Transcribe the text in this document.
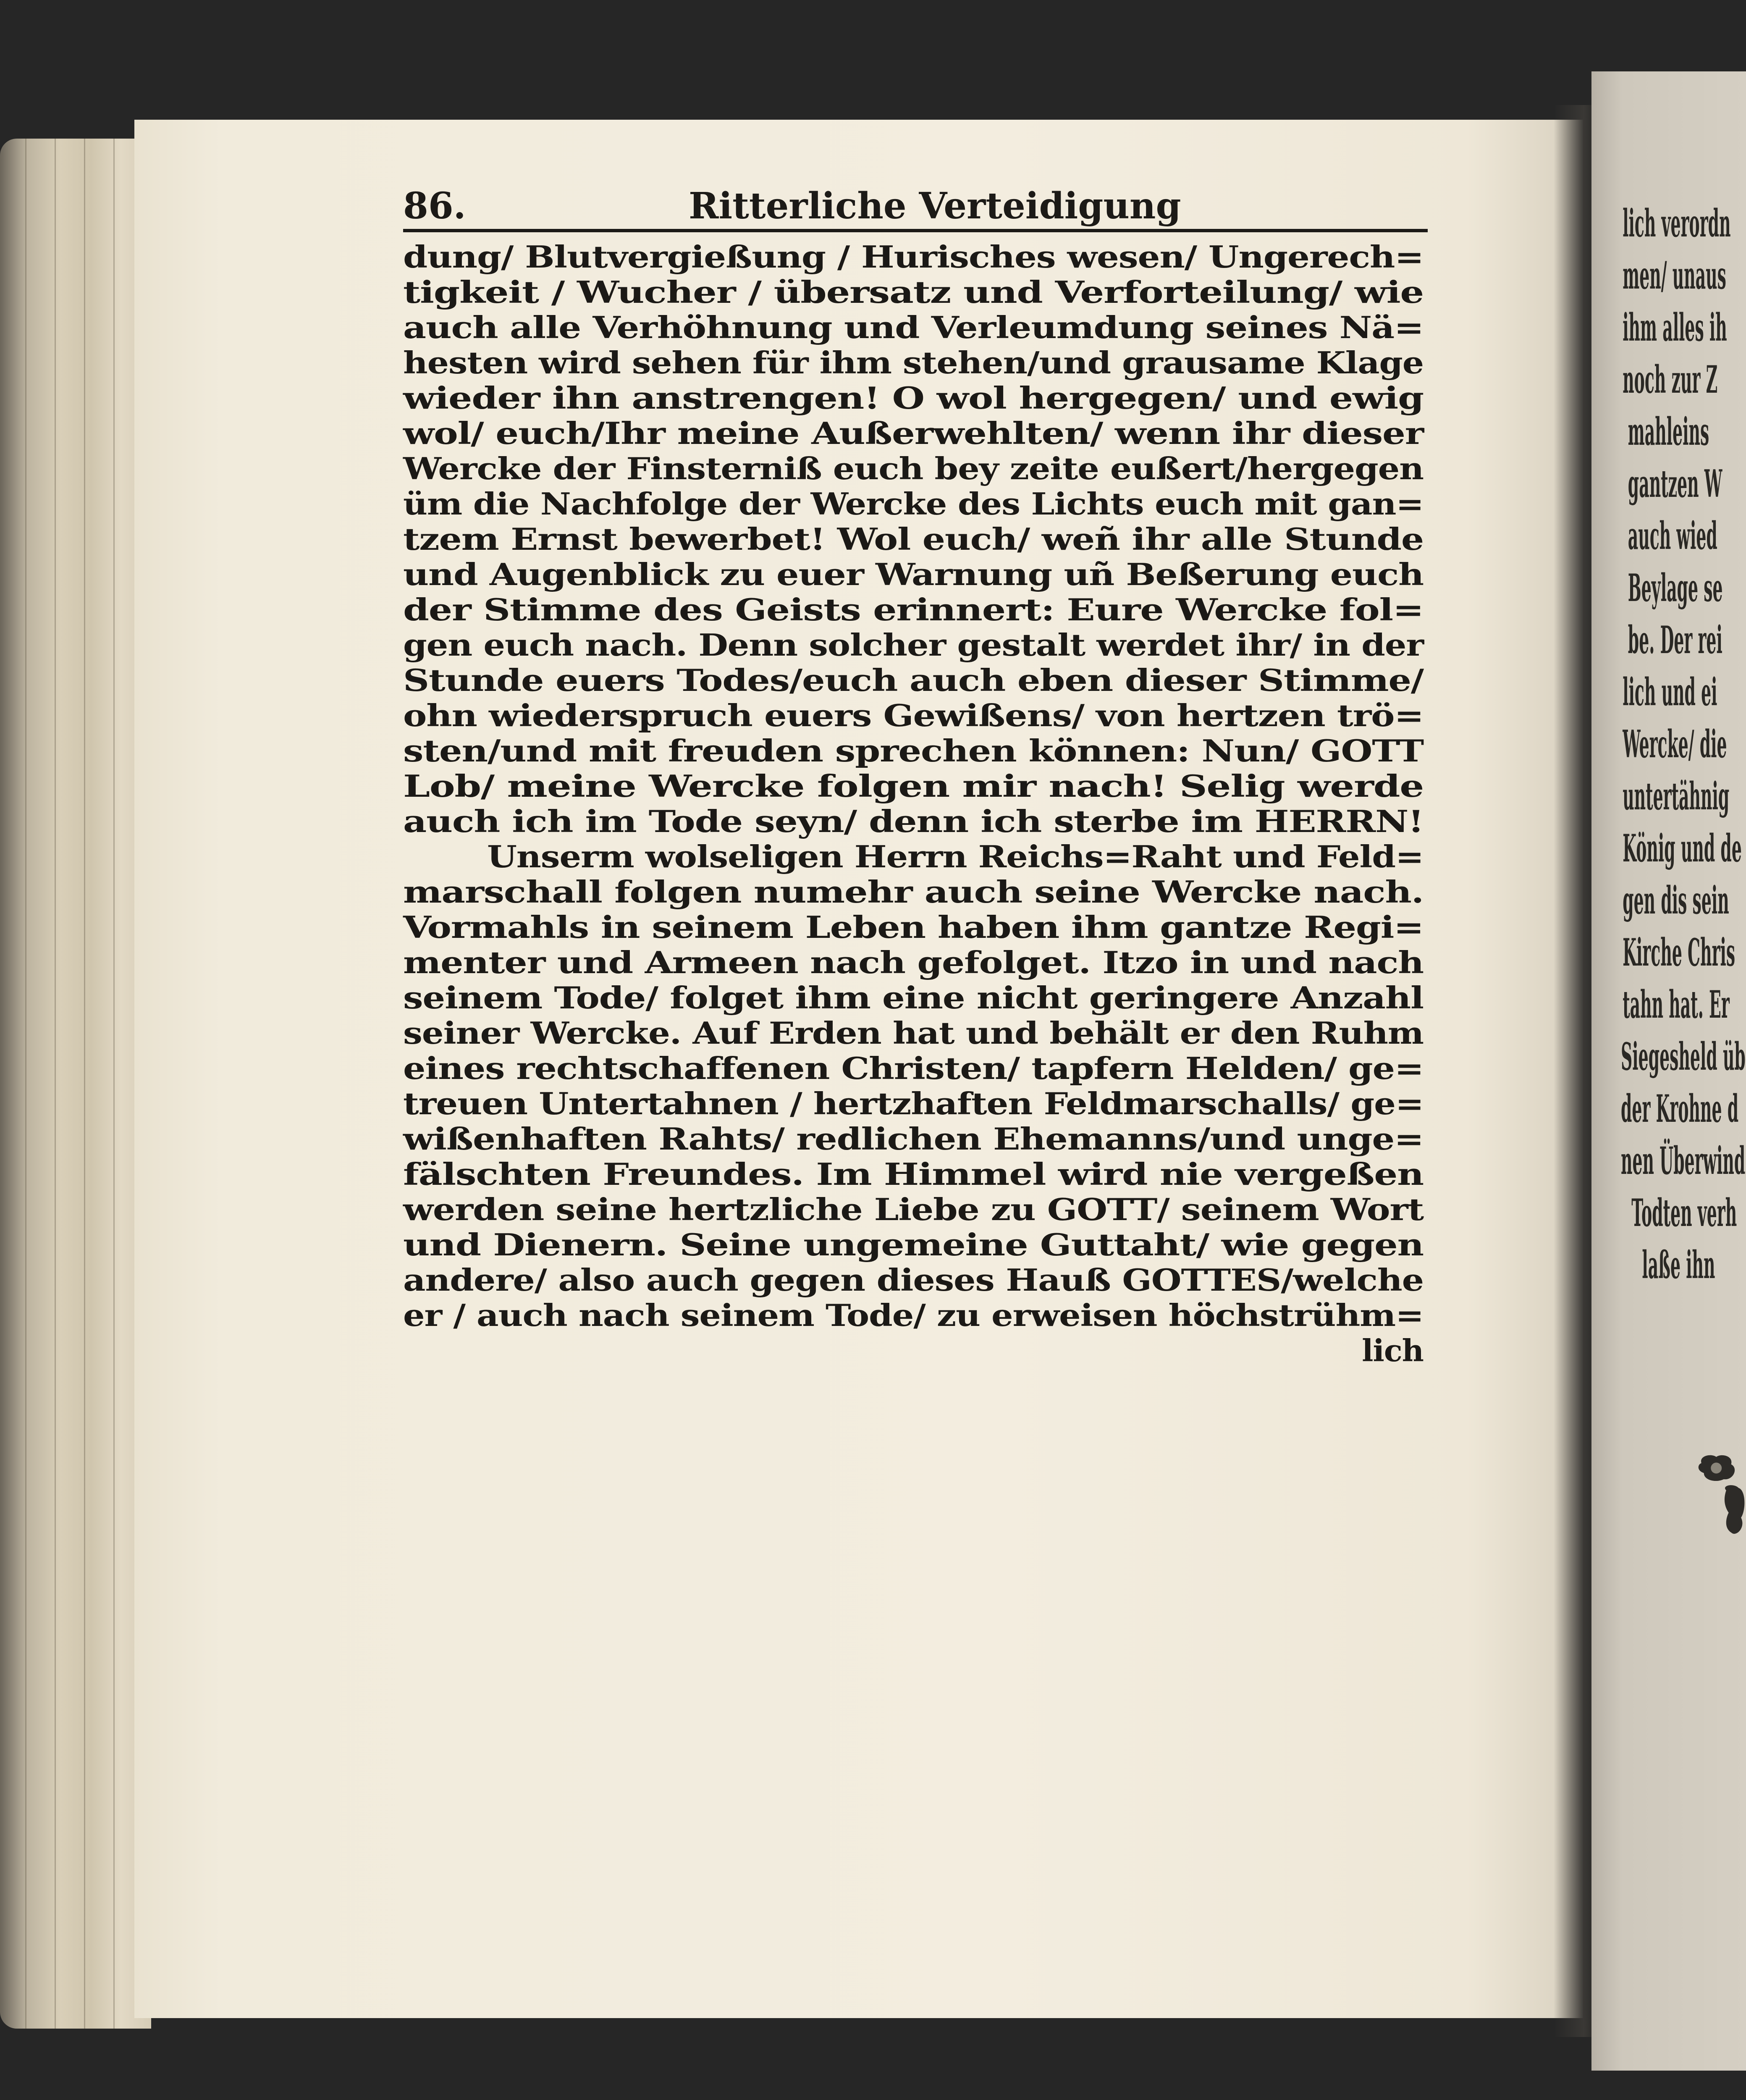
86.	Ritterliche Verteidigung
dung/ Blutvergießung / Hurisches wesen/ Ungerech=
tigkeit / Wucher / übersatz und Verforteilung/ wie
auch alle Verhöhnung und Verleumdung seines Nä=
hesten wird sehen für ihm stehen/und grausame Klage
wieder ihn anstrengen! O wol hergegen/ und ewig
wol/ euch/Ihr meine Außerwehlten/ wenn ihr dieser
Wercke der Finsterniß euch bey zeite eußert/hergegen
üm die Nachfolge der Wercke des Lichts euch mit gan=
tzem Ernst bewerbet! Wol euch/ weñ ihr alle Stunde
und Augenblick zu euer Warnung uñ Beßerung euch
der Stimme des Geists erinnert: Eure Wercke fol=
gen euch nach. Denn solcher gestalt werdet ihr/ in der
Stunde euers Todes/euch auch eben dieser Stimme/
ohn wiederspruch euers Gewißens/ von hertzen trö=
sten/und mit freuden sprechen können: Nun/ GOTT
Lob/ meine Wercke folgen mir nach! Selig werde
auch ich im Tode seyn/ denn ich sterbe im HERRN!
Unserm wolseligen Herrn Reichs=Raht und Feld=
marschall folgen numehr auch seine Wercke nach.
Vormahls in seinem Leben haben ihm gantze Regi=
menter und Armeen nach gefolget. Itzo in und nach
seinem Tode/ folget ihm eine nicht geringere Anzahl
seiner Wercke. Auf Erden hat und behält er den Ruhm
eines rechtschaffenen Christen/ tapfern Helden/ ge=
treuen Untertahnen / hertzhaften Feldmarschalls/ ge=
wißenhaften Rahts/ redlichen Ehemanns/und unge=
fälschten Freundes. Im Himmel wird nie vergeßen
werden seine hertzliche Liebe zu GOTT/ seinem Wort
und Dienern. Seine ungemeine Guttaht/ wie gegen
andere/ also auch gegen dieses Hauß GOTTES/welche
er / auch nach seinem Tode/ zu erweisen höchstrühm=
lich
lich verordn
men/ unaus
ihm alles ih
noch zur Z
mahleins
gantzen W
auch wied
Beylage se
be. Der rei
lich und ei
Wercke/ die
untertähnig
König und de
gen dis sein
Kirche Chris
tahn hat. Er
Siegesheld üb
der Krohne d
nen Überwind
Todten verh
laße ihn
